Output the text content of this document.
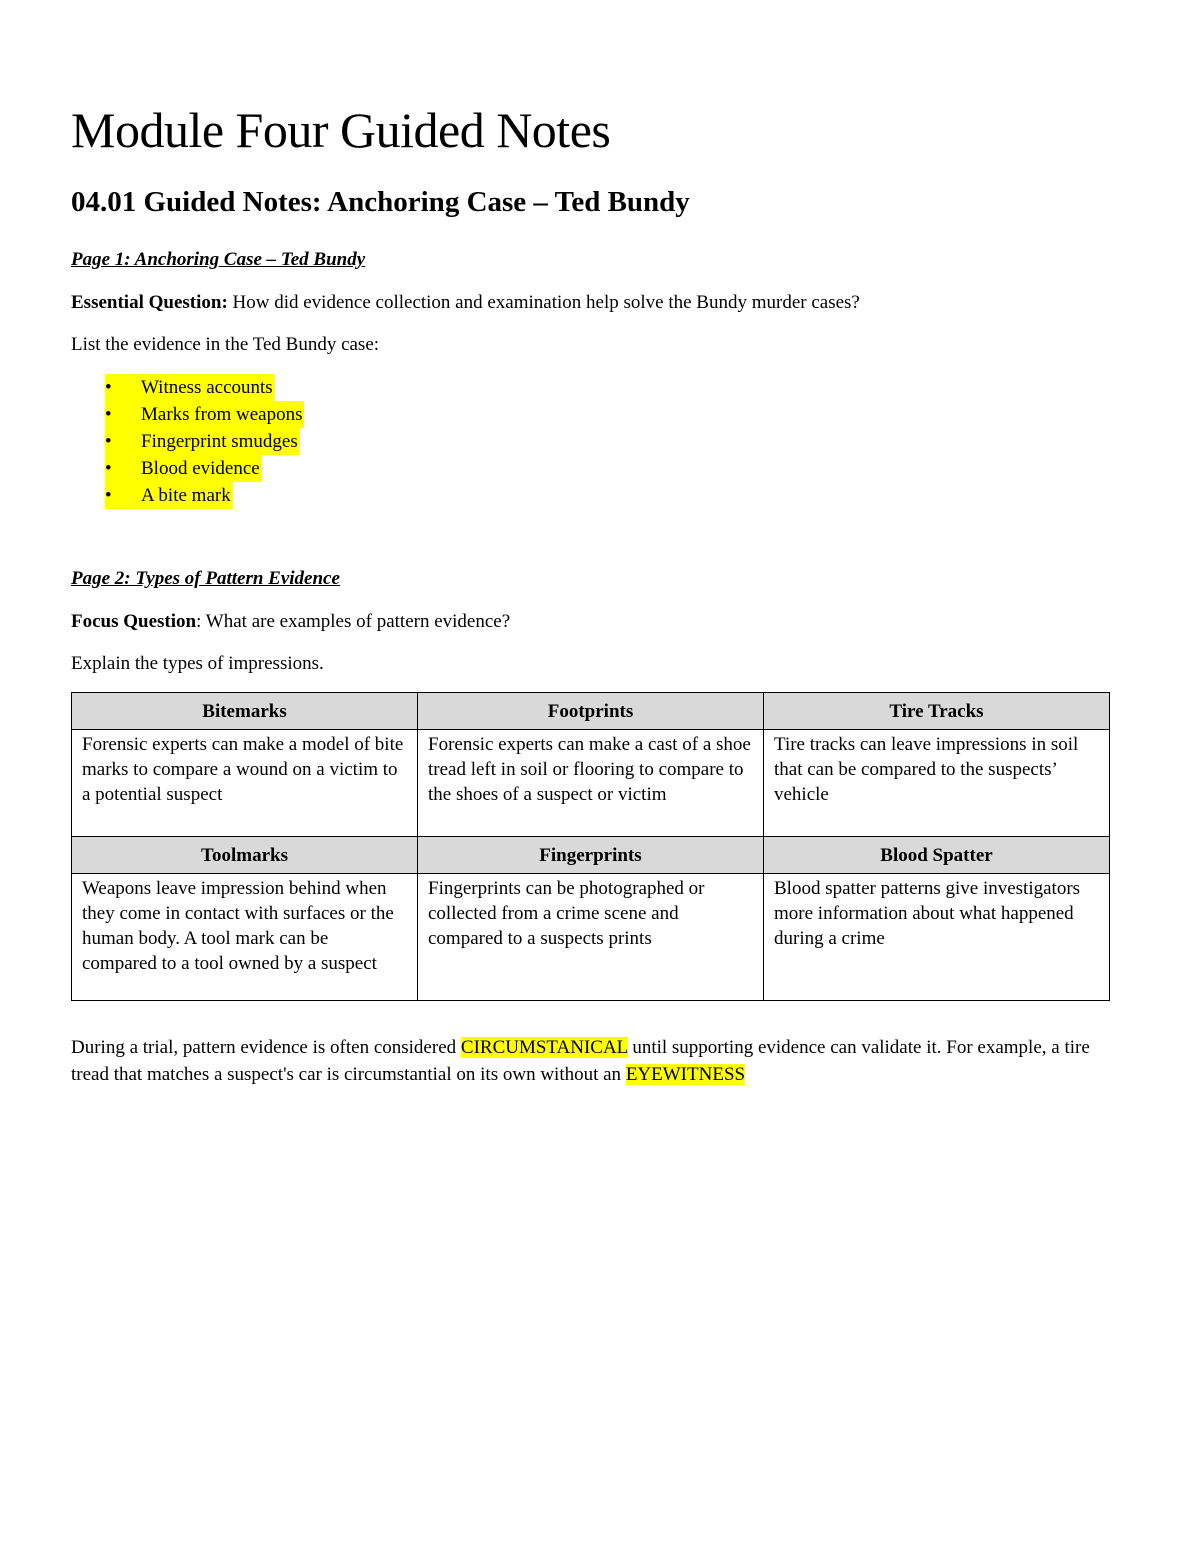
Module Four Guided Notes
04.01 Guided Notes: Anchoring Case – Ted Bundy

Page 1: Anchoring Case – Ted Bundy

Essential Question: How did evidence collection and examination help solve the Bundy murder cases?

List the evidence in the Ted Bundy case:

• Witness accounts
• Marks from weapons
• Fingerprint smudges
• Blood evidence
• A bite mark

Page 2: Types of Pattern Evidence

Focus Question: What are examples of pattern evidence?

Explain the types of impressions.

Bitemarks	Footprints	Tire Tracks
Forensic experts can make a model of bite marks to compare a wound on a victim to a potential suspect	Forensic experts can make a cast of a shoe tread left in soil or flooring to compare to the shoes of a suspect or victim	Tire tracks can leave impressions in soil that can be compared to the suspects’ vehicle
Toolmarks	Fingerprints	Blood Spatter
Weapons leave impression behind when they come in contact with surfaces or the human body. A tool mark can be compared to a tool owned by a suspect	Fingerprints can be photographed or collected from a crime scene and compared to a suspects prints	Blood spatter patterns give investigators more information about what happened during a crime

During a trial, pattern evidence is often considered CIRCUMSTANICAL until supporting evidence can validate it. For example, a tire tread that matches a suspect's car is circumstantial on its own without an EYEWITNESS
